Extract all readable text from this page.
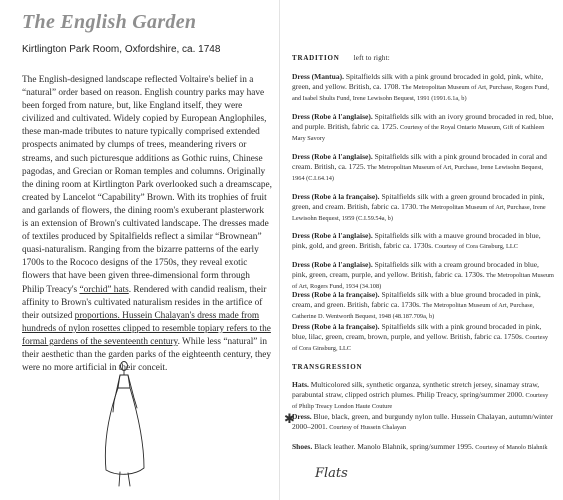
The English Garden
Kirtlington Park Room, Oxfordshire, ca. 1748

The English-designed landscape reflected Voltaire's belief in a “natural” order based on reason. English country parks may have been forged from nature, but, like England itself, they were civilized and cultivated. Widely copied by European Anglophiles, these man-made tributes to nature typically comprised extended prospects animated by clumps of trees, meandering rivers or streams, and such picturesque additions as Gothic ruins, Chinese pagodas, and Grecian or Roman temples and columns. Originally the dining room at Kirtlington Park overlooked such a dreamscape, created by Lancelot “Capability” Brown. With its trophies of fruit and garlands of flowers, the dining room's exuberant plasterwork is an extension of Brown's cultivated landscape. The dresses made of textiles produced by Spitalfields reflect a similar “Brownean” quasi-naturalism. Ranging from the bizarre patterns of the early 1700s to the Rococo designs of the 1750s, they reveal exotic flowers that have been given three-dimensional form through Philip Treacy's “orchid” hats. Rendered with candid realism, their affinity to Brown's cultivated naturalism resides in the artifice of their outsized proportions. Hussein Chalayan's dress made from hundreds of nylon rosettes clipped to resemble topiary refers to the formal gardens of the seventeenth century. While less “natural” in their aesthetic than the garden parks of the eighteenth century, they were no more artificial in their conceit.

TRADITION left to right:

Dress (Mantua). Spitalfields silk with a pink ground brocaded in gold, pink, white, green, and yellow. British, ca. 1708. The Metropolitan Museum of Art, Purchase, Rogers Fund, and Isabel Shults Fund, Irene Lewisohn Bequest, 1991 (1991.6.1a, b)

Dress (Robe à l'anglaise). Spitalfields silk with an ivory ground brocaded in red, blue, and purple. British, fabric ca. 1725. Courtesy of the Royal Ontario Museum, Gift of Kathleen Mary Savory

Dress (Robe à l'anglaise). Spitalfields silk with a pink ground brocaded in coral and cream. British, ca. 1725. The Metropolitan Museum of Art, Purchase, Irene Lewisohn Bequest, 1964 (C.I.64.14)

Dress (Robe à la française). Spitalfields silk with a green ground brocaded in pink, green, and cream. British, fabric ca. 1730. The Metropolitan Museum of Art, Purchase, Irene Lewisohn Bequest, 1959 (C.I.59.54a, b)

Dress (Robe à l'anglaise). Spitalfields silk with a mauve ground brocaded in blue, pink, gold, and green. British, fabric ca. 1730s. Courtesy of Cora Ginsburg, LLC

Dress (Robe à l'anglaise). Spitalfields silk with a cream ground brocaded in blue, pink, green, cream, purple, and yellow. British, fabric ca. 1730s. The Metropolitan Museum of Art, Rogers Fund, 1934 (34.108)

Dress (Robe à la française). Spitalfields silk with a blue ground brocaded in pink, cream, and green. British, fabric ca. 1730s. The Metropolitan Museum of Art, Purchase, Catherine D. Wentworth Bequest, 1948 (48.187.709a, b)

Dress (Robe à la française). Spitalfields silk with a pink ground brocaded in pink, blue, lilac, green, cream, brown, purple, and yellow. British, fabric ca. 1750s. Courtesy of Cora Ginsburg, LLC

TRANSGRESSION

Hats. Multicolored silk, synthetic organza, synthetic stretch jersey, sinamay straw, parabuntal straw, clipped ostrich plumes. Philip Treacy, spring/summer 2000. Courtesy of Philip Treacy London Haute Couture

Dress. Blue, black, green, and burgundy nylon tulle. Hussein Chalayan, autumn/winter 2000–2001. Courtesy of Hussein Chalayan

Shoes. Black leather. Manolo Blahnik, spring/summer 1995. Courtesy of Manolo Blahnik

✱
Flats
